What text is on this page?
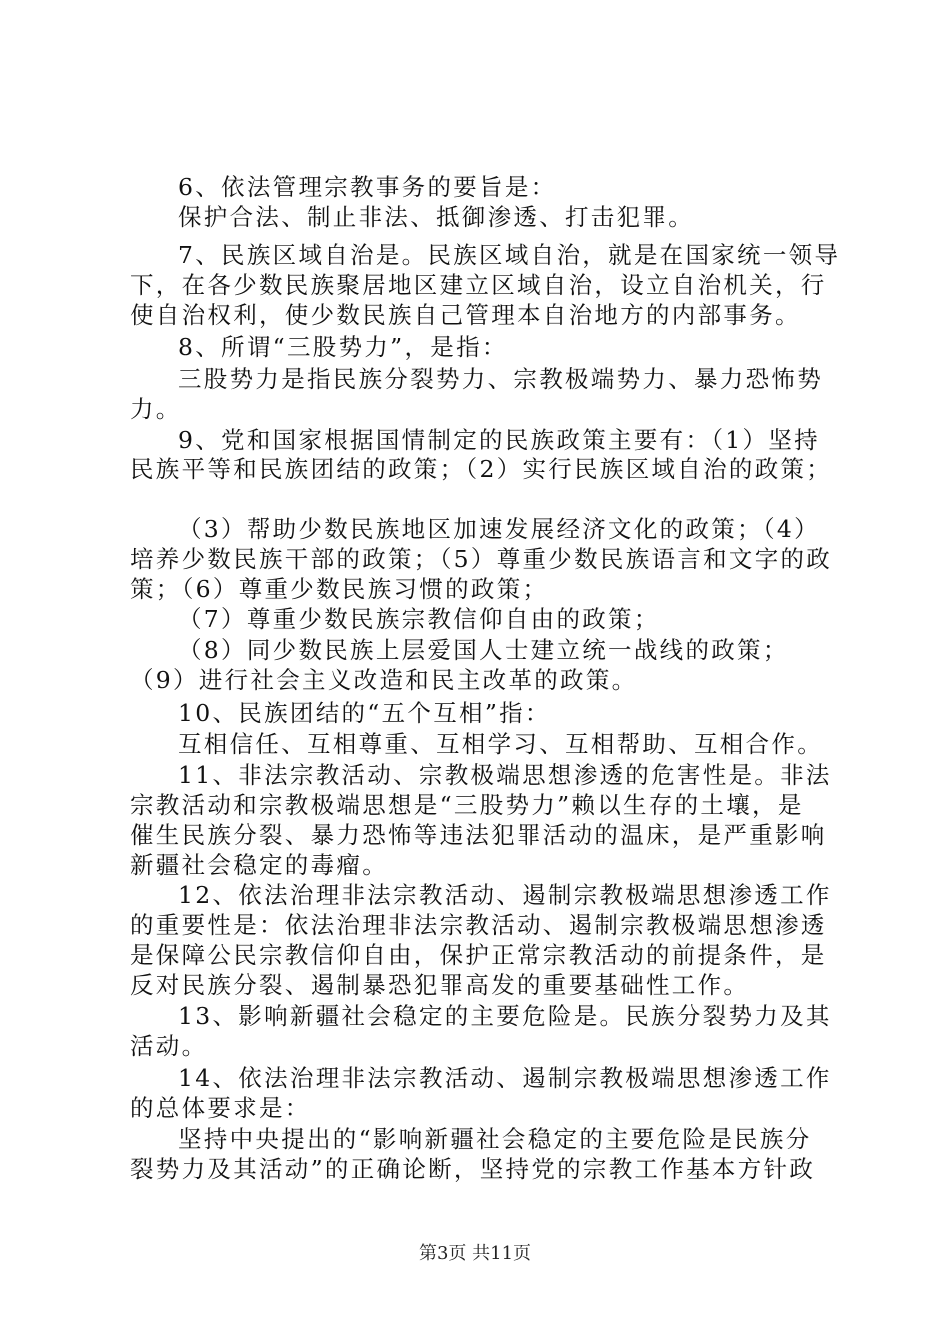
6、依法管理宗教事务的要旨是：

保护合法、制止非法、抵御渗透、打击犯罪。

7、民族区域自治是。民族区域自治，就是在国家统一领导

下，在各少数民族聚居地区建立区域自治，设立自治机关，行

使自治权利，使少数民族自己管理本自治地方的内部事务。

8、所谓“三股势力”，是指：

三股势力是指民族分裂势力、宗教极端势力、暴力恐怖势

力。

9、党和国家根据国情制定的民族政策主要有：（1）坚持

民族平等和民族团结的政策；（2）实行民族区域自治的政策；

（3）帮助少数民族地区加速发展经济文化的政策；（4）

培养少数民族干部的政策；（5）尊重少数民族语言和文字的政

策；（6）尊重少数民族习惯的政策；

（7）尊重少数民族宗教信仰自由的政策；

（8）同少数民族上层爱国人士建立统一战线的政策；

（9）进行社会主义改造和民主改革的政策。

10、民族团结的“五个互相”指：

互相信任、互相尊重、互相学习、互相帮助、互相合作。

11、非法宗教活动、宗教极端思想渗透的危害性是。非法

宗教活动和宗教极端思想是“三股势力”赖以生存的土壤，是

催生民族分裂、暴力恐怖等违法犯罪活动的温床，是严重影响

新疆社会稳定的毒瘤。

12、依法治理非法宗教活动、遏制宗教极端思想渗透工作

的重要性是：依法治理非法宗教活动、遏制宗教极端思想渗透

是保障公民宗教信仰自由，保护正常宗教活动的前提条件，是

反对民族分裂、遏制暴恐犯罪高发的重要基础性工作。

13、影响新疆社会稳定的主要危险是。民族分裂势力及其

活动。

14、依法治理非法宗教活动、遏制宗教极端思想渗透工作

的总体要求是：

坚持中央提出的“影响新疆社会稳定的主要危险是民族分

裂势力及其活动”的正确论断，坚持党的宗教工作基本方针政

第3页 共11页
